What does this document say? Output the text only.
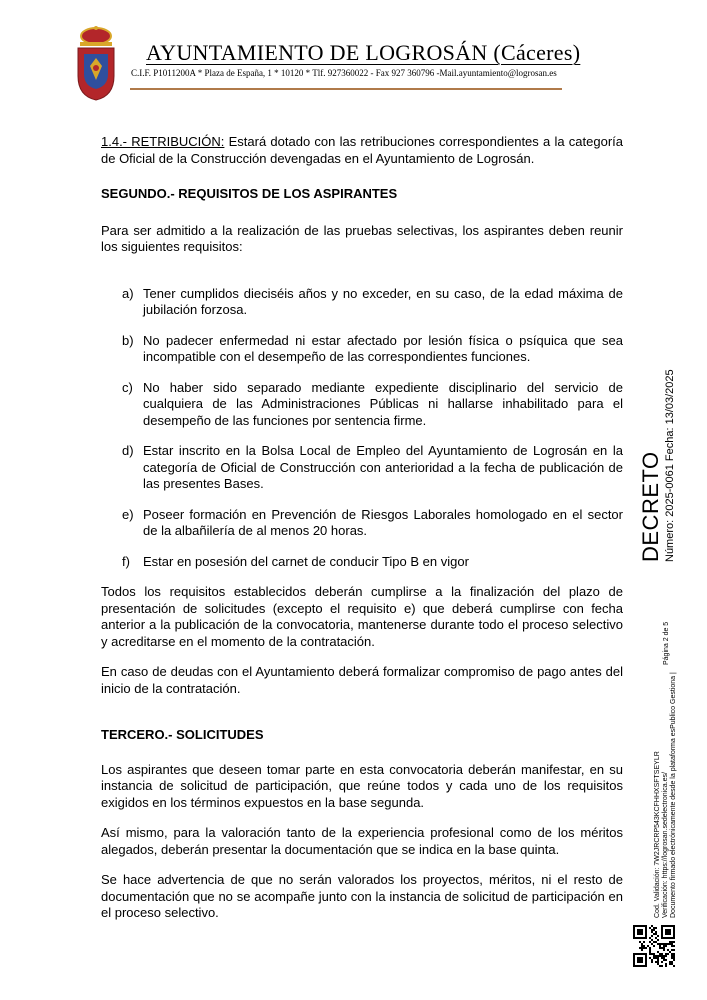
AYUNTAMIENTO DE LOGROSÁN (Cáceres)
C.I.F. P1011200A * Plaza de España, 1 * 10120 * Tlf. 927360022 - Fax 927 360796 -Mail.ayuntamiento@logrosan.es

1.4.- RETRIBUCIÓN: Estará dotado con las retribuciones correspondientes a la categoría de Oficial de la Construcción devengadas en el Ayuntamiento de Logrosán.

SEGUNDO.- REQUISITOS DE LOS ASPIRANTES

Para ser admitido a la realización de las pruebas selectivas, los aspirantes deben reunir los siguientes requisitos:

a) Tener cumplidos dieciséis años y no exceder, en su caso, de la edad máxima de jubilación forzosa.
b) No padecer enfermedad ni estar afectado por lesión física o psíquica que sea incompatible con el desempeño de las correspondientes funciones.
c) No haber sido separado mediante expediente disciplinario del servicio de cualquiera de las Administraciones Públicas ni hallarse inhabilitado para el desempeño de las funciones por sentencia firme.
d) Estar inscrito en la Bolsa Local de Empleo del Ayuntamiento de Logrosán en la categoría de Oficial de Construcción con anterioridad a la fecha de publicación de las presentes Bases.
e) Poseer formación en Prevención de Riesgos Laborales homologado en el sector de la albañilería de al menos 20 horas.
f)	Estar en posesión del carnet de conducir Tipo B en vigor

Todos los requisitos establecidos deberán cumplirse a la finalización del plazo de presentación de solicitudes (excepto el requisito e) que deberá cumplirse con fecha anterior a la publicación de la convocatoria, mantenerse durante todo el proceso selectivo y acreditarse en el momento de la contratación.

En caso de deudas con el Ayuntamiento deberá formalizar compromiso de pago antes del inicio de la contratación.

TERCERO.- SOLICITUDES

Los aspirantes que deseen tomar parte en esta convocatoria deberán manifestar, en su instancia de solicitud de participación, que reúne todos y cada uno de los requisitos exigidos en los términos expuestos en la base segunda.

Así mismo, para la valoración tanto de la experiencia profesional como de los méritos alegados, deberán presentar la documentación que se indica en la base quinta.

Se hace advertencia de que no serán valorados los proyectos, méritos, ni el resto de documentación que no se acompañe junto con la instancia de solicitud de participación en el proceso selectivo.

DECRETO Número: 2025-0061 Fecha: 13/03/2025
Página 2 de 5
Cod. Validación: 7W2JRCRP543KCFHHXSFTSEYLR Verificación: https://logrosan.sedelectronica.es/ Documento firmado electrónicamente desde la plataforma esPublico Gestiona |
